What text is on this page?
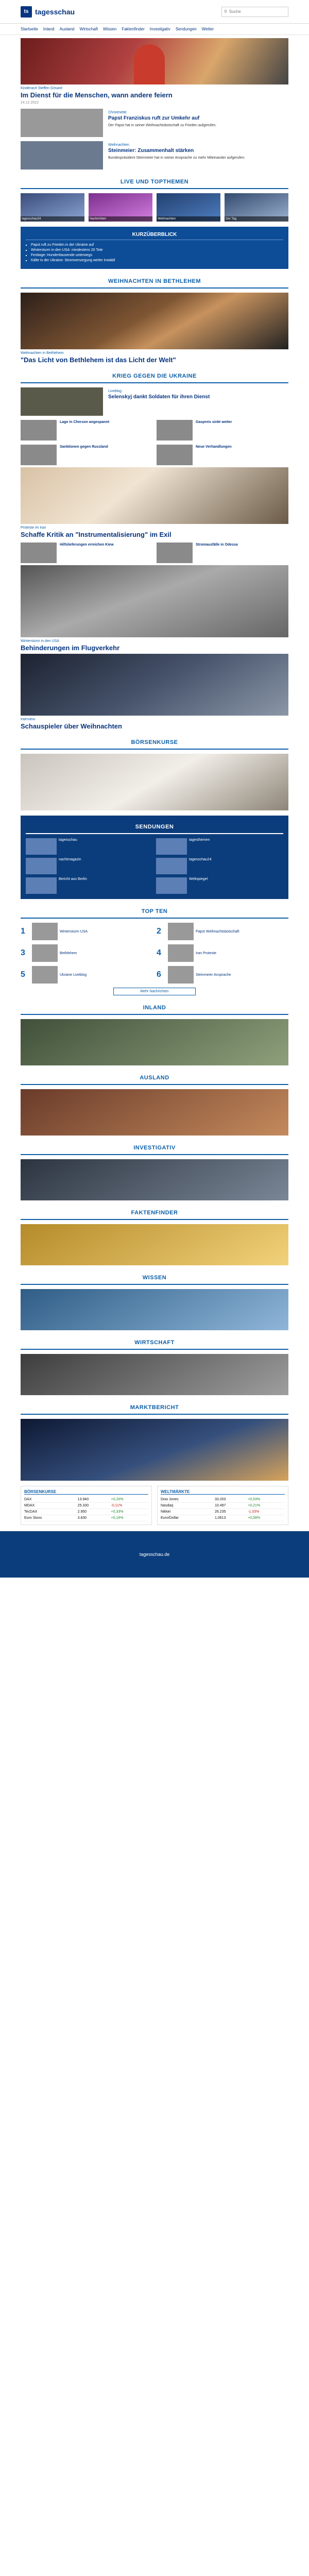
ts tagesschau	⚲ Suche
Startseite Inland Ausland Wirtschaft Wissen Faktenfinder Investigativ Sendungen Wetter
Kinderarzt Steffen Grisard
Im Dienst für die Menschen, wann andere feiern
24.12.2022
Christmette
Papst Franziskus ruft zur Umkehr auf

Der Papst hat in seiner Weihnachtsbotschaft zu Frieden aufgerufen.

Weihnachten
Steinmeier: Zusammenhalt stärken

Bundespräsident Steinmeier hat in seiner Ansprache zu mehr Miteinander aufgerufen.

LIVE UND TOPTHEMEN
tagesschau24	Nachrichten	Weihnachten	Der Tag
KURZÜBERBLICK
▪ Papst ruft zu Frieden in der Ukraine auf
▪ Wintersturm in den USA: mindestens 20 Tote
▪ Festtage: Hunderttausende unterwegs
▪ Kälte in der Ukraine: Stromversorgung weiter instabil
WEIHNACHTEN IN BETHLEHEM
Weihnachten in Bethlehem
"Das Licht von Bethlehem ist das Licht der Welt"
KRIEG GEGEN DIE UKRAINE
Liveblog
Selenskyj dankt Soldaten für ihren Dienst
Lage in Cherson angespannt	Gaspreis sinkt weiter
Sanktionen gegen Russland	Neue Verhandlungen
Proteste im Iran
Schaffe Kritik an "Instrumentalisierung" im Exil
Hilfslieferungen erreichen Kiew	Stromausfälle in Odessa
Wintersturm in den USA
Behinderungen im Flugverkehr
Interview
Schauspieler über Weihnachten
BÖRSENKURSE
SENDUNGEN
tagesschau	tagesthemen
nachtmagazin	tagesschau24
Bericht aus Berlin	Weltspiegel
TOP TEN
1	Wintersturm USA	2	Papst Weihnachtsbotschaft
3	Bethlehem	4	Iran Proteste
5	Ukraine Liveblog	6	Steinmeier Ansprache
Mehr Nachrichten
INLAND
AUSLAND
INVESTIGATIV
FAKTENFINDER
WISSEN
WIRTSCHAFT
MARKTBERICHT
BÖRSENKURSE
DAX	13.940	+0,20%
MDAX	25.330	-0,11%
TecDAX	2.950	+0,33%
Euro Stoxx	3.830	+0,16%
WELTMÄRKTE
Dow Jones	33.203	+0,53%
Nasdaq	10.497	+0,21%
Nikkei	26.235	-1,03%
Euro/Dollar	1,0613	+0,08%
tagesschau.de
